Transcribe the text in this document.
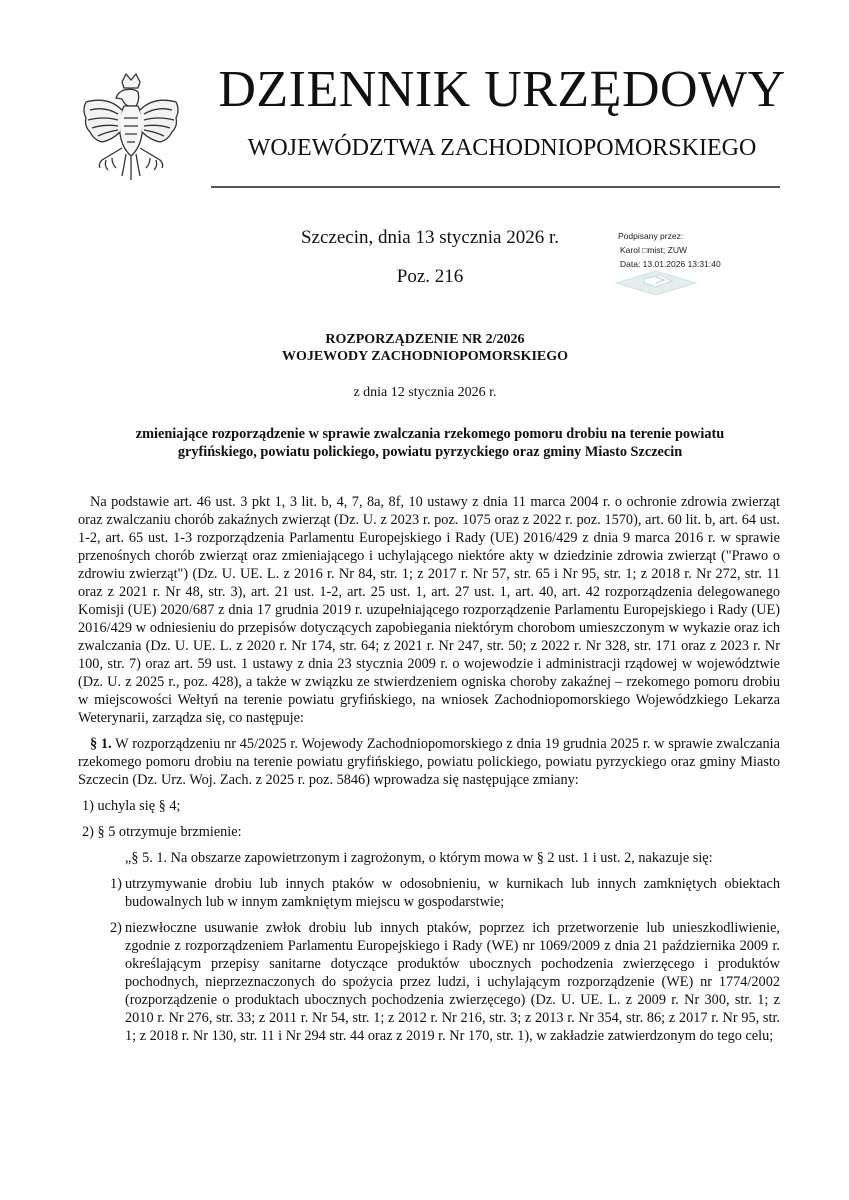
DZIENNIK URZĘDOWY
WOJEWÓDZTWA ZACHODNIOPOMORSKIEGO
Szczecin, dnia 13 stycznia 2026 r.
Poz. 216
Podpisany przez:
Karol □mist; ZUW
Data: 13.01.2026 13:31:40
ROZPORZĄDZENIE NR 2/2026
WOJEWODY ZACHODNIOPOMORSKIEGO
z dnia 12 stycznia 2026 r.
zmieniające rozporządzenie w sprawie zwalczania rzekomego pomoru drobiu na terenie powiatu
gryfińskiego, powiatu polickiego, powiatu pyrzyckiego oraz gminy Miasto Szczecin

Na podstawie art. 46 ust. 3 pkt 1, 3 lit. b, 4, 7, 8a, 8f, 10 ustawy z dnia 11 marca 2004 r. o ochronie zdrowia zwierząt oraz zwalczaniu chorób zakaźnych zwierząt (Dz. U. z 2023 r. poz. 1075 oraz z 2022 r. poz. 1570), art. 60 lit. b, art. 64 ust. 1-2, art. 65 ust. 1-3 rozporządzenia Parlamentu Europejskiego i Rady (UE) 2016/429 z dnia 9 marca 2016 r. w sprawie przenośnych chorób zwierząt oraz zmieniającego i uchylającego niektóre akty w dziedzinie zdrowia zwierząt ("Prawo o zdrowiu zwierząt") (Dz. U. UE. L. z 2016 r. Nr 84, str. 1; z 2017 r. Nr 57, str. 65 i Nr 95, str. 1; z 2018 r. Nr 272, str. 11 oraz z 2021 r. Nr 48, str. 3), art. 21 ust. 1-2, art. 25 ust. 1, art. 27 ust. 1, art. 40, art. 42 rozporządzenia delegowanego Komisji (UE) 2020/687 z dnia 17 grudnia 2019 r. uzupełniającego rozporządzenie Parlamentu Europejskiego i Rady (UE) 2016/429 w odniesieniu do przepisów dotyczących zapobiegania niektórym chorobom umieszczonym w wykazie oraz ich zwalczania (Dz. U. UE. L. z 2020 r. Nr 174, str. 64; z 2021 r. Nr 247, str. 50; z 2022 r. Nr 328, str. 171 oraz z 2023 r. Nr 100, str. 7) oraz art. 59 ust. 1 ustawy z dnia 23 stycznia 2009 r. o wojewodzie i administracji rządowej w województwie (Dz. U. z 2025 r., poz. 428), a także w związku ze stwierdzeniem ogniska choroby zakaźnej – rzekomego pomoru drobiu w miejscowości Wełtyń na terenie powiatu gryfińskiego, na wniosek Zachodniopomorskiego Wojewódzkiego Lekarza Weterynarii, zarządza się, co następuje:

§ 1. W rozporządzeniu nr 45/2025 r. Wojewody Zachodniopomorskiego z dnia 19 grudnia 2025 r. w sprawie zwalczania rzekomego pomoru drobiu na terenie powiatu gryfińskiego, powiatu polickiego, powiatu pyrzyckiego oraz gminy Miasto Szczecin (Dz. Urz. Woj. Zach. z 2025 r. poz. 5846) wprowadza się następujące zmiany:

1) uchyla się § 4;

2) § 5 otrzymuje brzmienie:

„§ 5. 1. Na obszarze zapowietrzonym i zagrożonym, o którym mowa w § 2 ust. 1 i ust. 2, nakazuje się:

1) utrzymywanie drobiu lub innych ptaków w odosobnieniu, w kurnikach lub innych zamkniętych obiektach budowalnych lub w innym zamkniętym miejscu w gospodarstwie;
2) niezwłoczne usuwanie zwłok drobiu lub innych ptaków, poprzez ich przetworzenie lub unieszkodliwienie, zgodnie z rozporządzeniem Parlamentu Europejskiego i Rady (WE) nr 1069/2009 z dnia 21 października 2009 r. określającym przepisy sanitarne dotyczące produktów ubocznych pochodzenia zwierzęcego i produktów pochodnych, nieprzeznaczonych do spożycia przez ludzi, i uchylającym rozporządzenie (WE) nr 1774/2002 (rozporządzenie o produktach ubocznych pochodzenia zwierzęcego) (Dz. U. UE. L. z 2009 r. Nr 300, str. 1; z 2010 r. Nr 276, str. 33; z 2011 r. Nr 54, str. 1; z 2012 r. Nr 216, str. 3; z 2013 r. Nr 354, str. 86; z 2017 r. Nr 95, str. 1; z 2018 r. Nr 130, str. 11 i Nr 294 str. 44 oraz z 2019 r. Nr 170, str. 1), w zakładzie zatwierdzonym do tego celu;
